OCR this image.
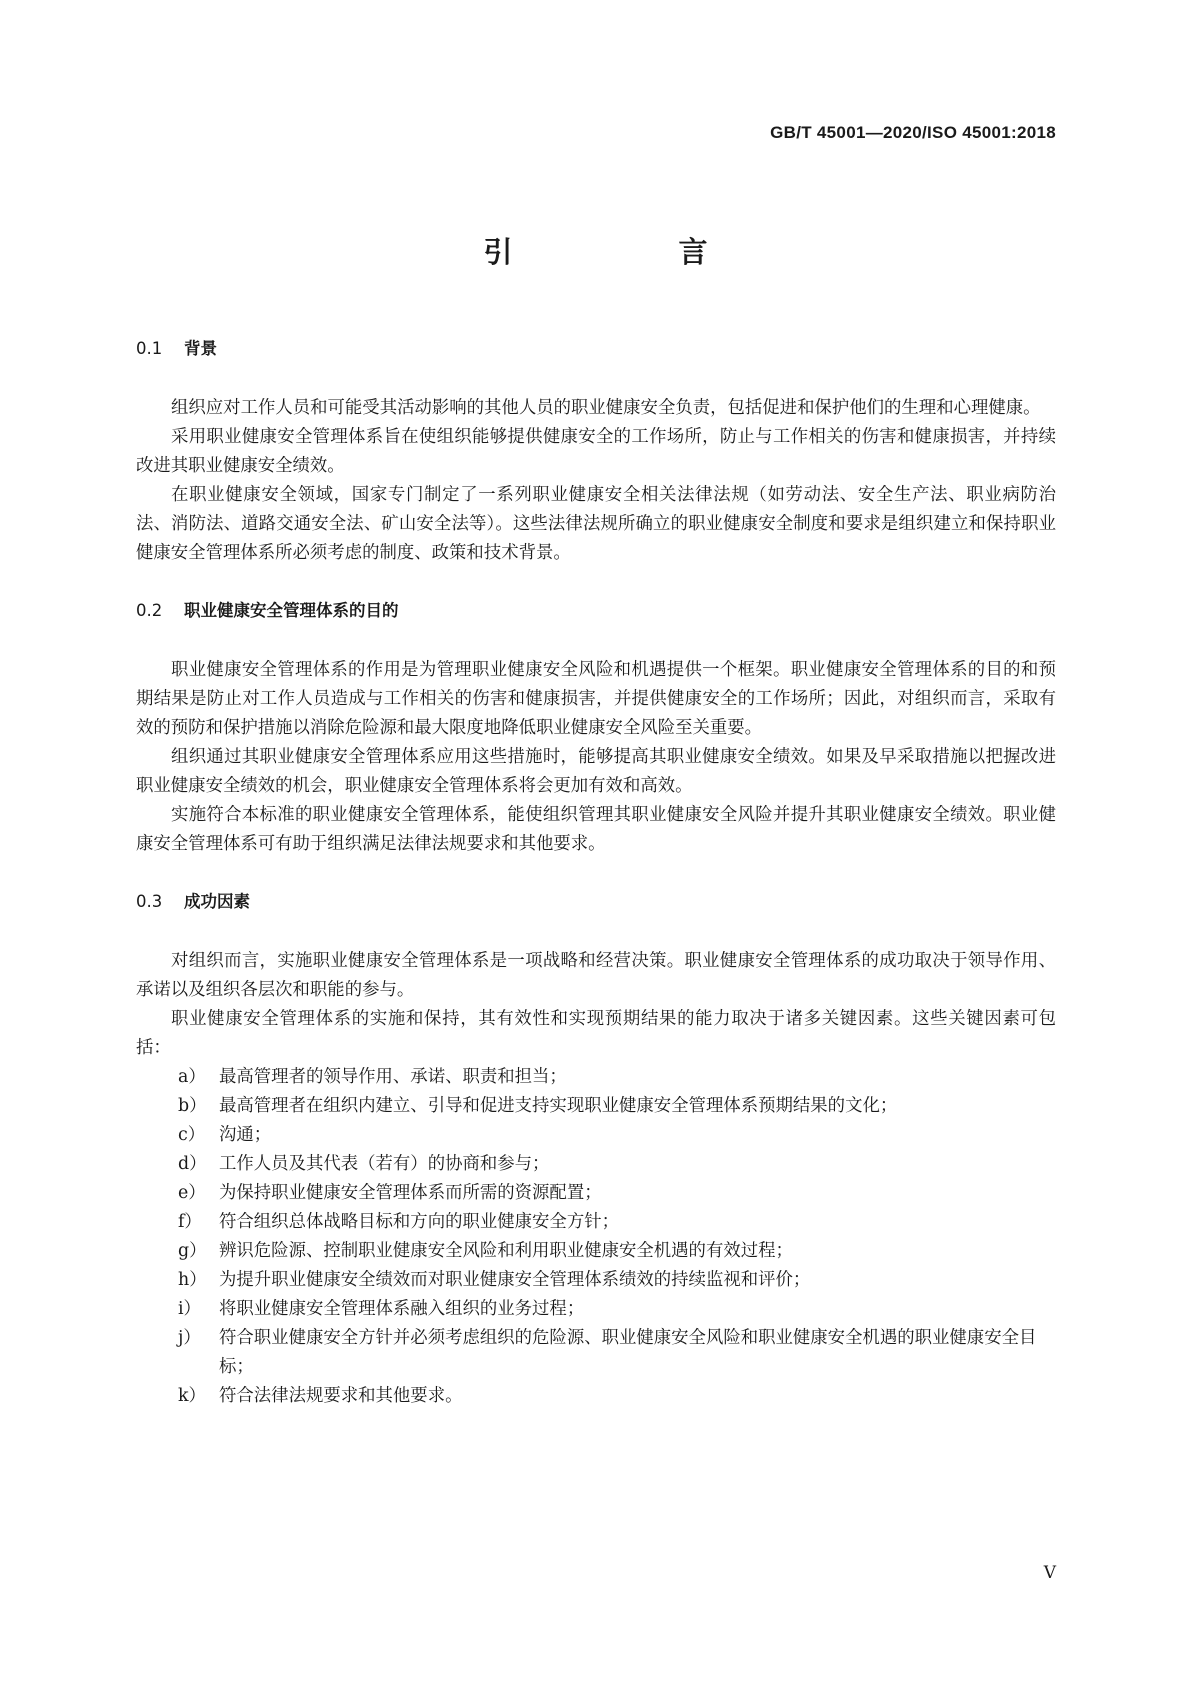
GB/T 45001—2020/ISO 45001:2018
引　　言
0.1 背景

组织应对工作人员和可能受其活动影响的其他人员的职业健康安全负责，包括促进和保护他们的生理和心理健康。

采用职业健康安全管理体系旨在使组织能够提供健康安全的工作场所，防止与工作相关的伤害和健康损害，并持续改进其职业健康安全绩效。

在职业健康安全领域，国家专门制定了一系列职业健康安全相关法律法规（如劳动法、安全生产法、职业病防治法、消防法、道路交通安全法、矿山安全法等）。这些法律法规所确立的职业健康安全制度和要求是组织建立和保持职业健康安全管理体系所必须考虑的制度、政策和技术背景。

0.2 职业健康安全管理体系的目的

职业健康安全管理体系的作用是为管理职业健康安全风险和机遇提供一个框架。职业健康安全管理体系的目的和预期结果是防止对工作人员造成与工作相关的伤害和健康损害，并提供健康安全的工作场所；因此，对组织而言，采取有效的预防和保护措施以消除危险源和最大限度地降低职业健康安全风险至关重要。

组织通过其职业健康安全管理体系应用这些措施时，能够提高其职业健康安全绩效。如果及早采取措施以把握改进职业健康安全绩效的机会，职业健康安全管理体系将会更加有效和高效。

实施符合本标准的职业健康安全管理体系，能使组织管理其职业健康安全风险并提升其职业健康安全绩效。职业健康安全管理体系可有助于组织满足法律法规要求和其他要求。

0.3 成功因素

对组织而言，实施职业健康安全管理体系是一项战略和经营决策。职业健康安全管理体系的成功取决于领导作用、承诺以及组织各层次和职能的参与。

职业健康安全管理体系的实施和保持，其有效性和实现预期结果的能力取决于诸多关键因素。这些关键因素可包括：

a） 最高管理者的领导作用、承诺、职责和担当；
b） 最高管理者在组织内建立、引导和促进支持实现职业健康安全管理体系预期结果的文化；
c） 沟通；
d） 工作人员及其代表（若有）的协商和参与；
e） 为保持职业健康安全管理体系而所需的资源配置；
f） 符合组织总体战略目标和方向的职业健康安全方针；
g） 辨识危险源、控制职业健康安全风险和利用职业健康安全机遇的有效过程；
h） 为提升职业健康安全绩效而对职业健康安全管理体系绩效的持续监视和评价；
i） 将职业健康安全管理体系融入组织的业务过程；
j） 符合职业健康安全方针并必须考虑组织的危险源、职业健康安全风险和职业健康安全机遇的职业健康安全目标；
k） 符合法律法规要求和其他要求。
V
